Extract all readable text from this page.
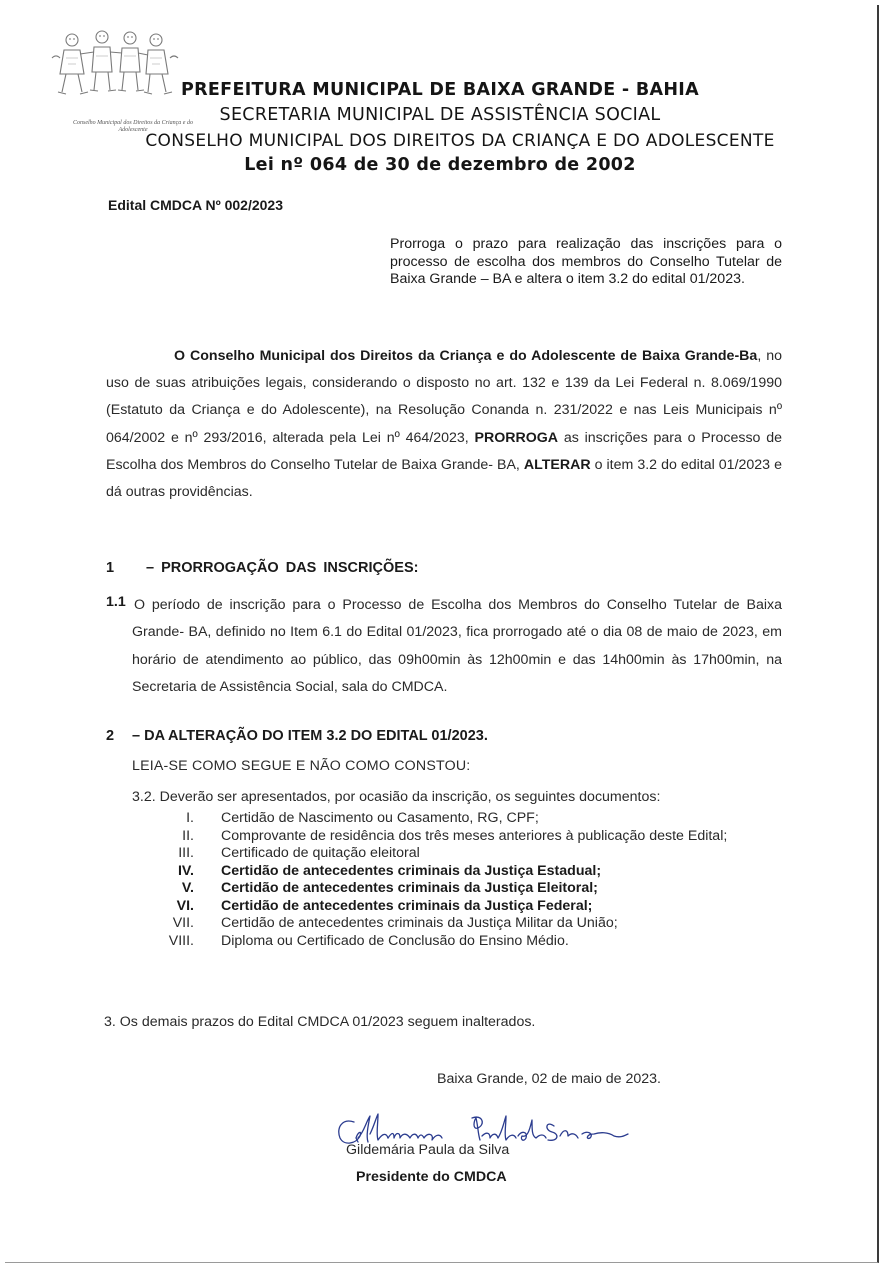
Conselho Municipal dos Direitos da Criança e do Adolescente
PREFEITURA MUNICIPAL DE BAIXA GRANDE - BAHIA
SECRETARIA MUNICIPAL DE ASSISTÊNCIA SOCIAL
CONSELHO MUNICIPAL DOS DIREITOS DA CRIANÇA E DO ADOLESCENTE
Lei nº 064 de 30 de dezembro de 2002
Edital CMDCA Nº 002/2023
Prorroga o prazo para realização das inscrições para o processo de escolha dos membros do Conselho Tutelar de Baixa Grande – BA e altera o item 3.2 do edital 01/2023.
O Conselho Municipal dos Direitos da Criança e do Adolescente de Baixa Grande-Ba, no uso de suas atribuições legais, considerando o disposto no art. 132 e 139 da Lei Federal n. 8.069/1990 (Estatuto da Criança e do Adolescente), na Resolução Conanda n. 231/2022 e nas Leis Municipais nº 064/2002 e nº 293/2016, alterada pela Lei nº 464/2023, PRORROGA as inscrições para o Processo de Escolha dos Membros do Conselho Tutelar de Baixa Grande- BA, ALTERAR o item 3.2 do edital 01/2023 e dá outras providências.
1 – PRORROGAÇÃO DAS INSCRIÇÕES:
1.1 O período de inscrição para o Processo de Escolha dos Membros do Conselho Tutelar de Baixa Grande- BA, definido no Item 6.1 do Edital 01/2023, fica prorrogado até o dia 08 de maio de 2023, em horário de atendimento ao público, das 09h00min às 12h00min e das 14h00min às 17h00min, na Secretaria de Assistência Social, sala do CMDCA.
2 – DA ALTERAÇÃO DO ITEM 3.2 DO EDITAL 01/2023.
LEIA-SE COMO SEGUE E NÃO COMO CONSTOU:
3.2. Deverão ser apresentados, por ocasião da inscrição, os seguintes documentos:
I. Certidão de Nascimento ou Casamento, RG, CPF;
II. Comprovante de residência dos três meses anteriores à publicação deste Edital;
III. Certificado de quitação eleitoral
IV. Certidão de antecedentes criminais da Justiça Estadual;
V. Certidão de antecedentes criminais da Justiça Eleitoral;
VI. Certidão de antecedentes criminais da Justiça Federal;
VII. Certidão de antecedentes criminais da Justiça Militar da União;
VIII. Diploma ou Certificado de Conclusão do Ensino Médio.
3. Os demais prazos do Edital CMDCA 01/2023 seguem inalterados.
Baixa Grande, 02 de maio de 2023.
Gildemária Paula da Silva
Presidente do CMDCA
